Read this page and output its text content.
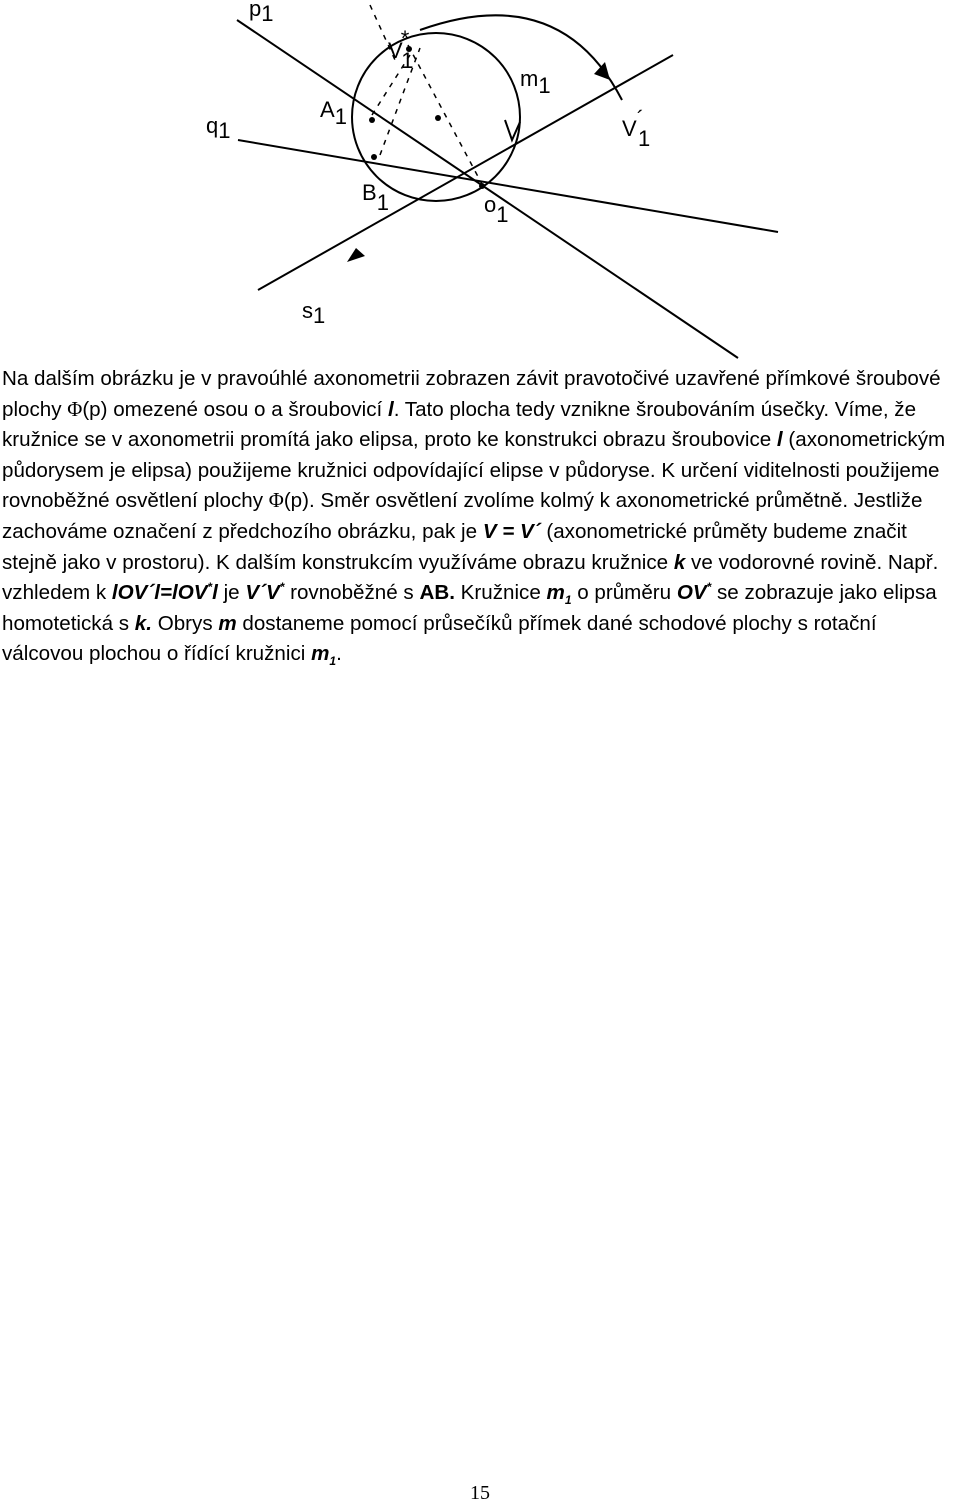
p1
q1
s1
A1
B1	o1
m1
V* 1
V´ 1

Na dalším obrázku je v pravoúhlé axonometrii zobrazen závit pravotočivé uzavřené přímkové šroubové plochy Φ(p) omezené osou o a šroubovicí l. Tato plocha tedy vznikne šroubováním úsečky. Víme, že kružnice se v axonometrii promítá jako elipsa, proto ke konstrukci obrazu šroubovice l (axonometrickým půdorysem je elipsa) použijeme kružnici odpovídající elipse v půdoryse. K určení viditelnosti použijeme rovnoběžné osvětlení plochy Φ(p). Směr osvětlení zvolíme kolmý k axonometrické průmětně. Jestliže zachováme označení z předchozího obrázku, pak je V = V´ (axonometrické průměty budeme značit stejně jako v prostoru). K dalším konstrukcím využíváme obrazu kružnice k ve vodorovné rovině. Např. vzhledem k lOV´l=lOV*l je V´V* rovnoběžné s AB. Kružnice $m_1$ o průměru OV* se zobrazuje jako elipsa homotetická s k. Obrys m dostaneme pomocí průsečíků přímek dané schodové plochy s rotační válcovou plochou o řídící kružnici $m_1$.

15
